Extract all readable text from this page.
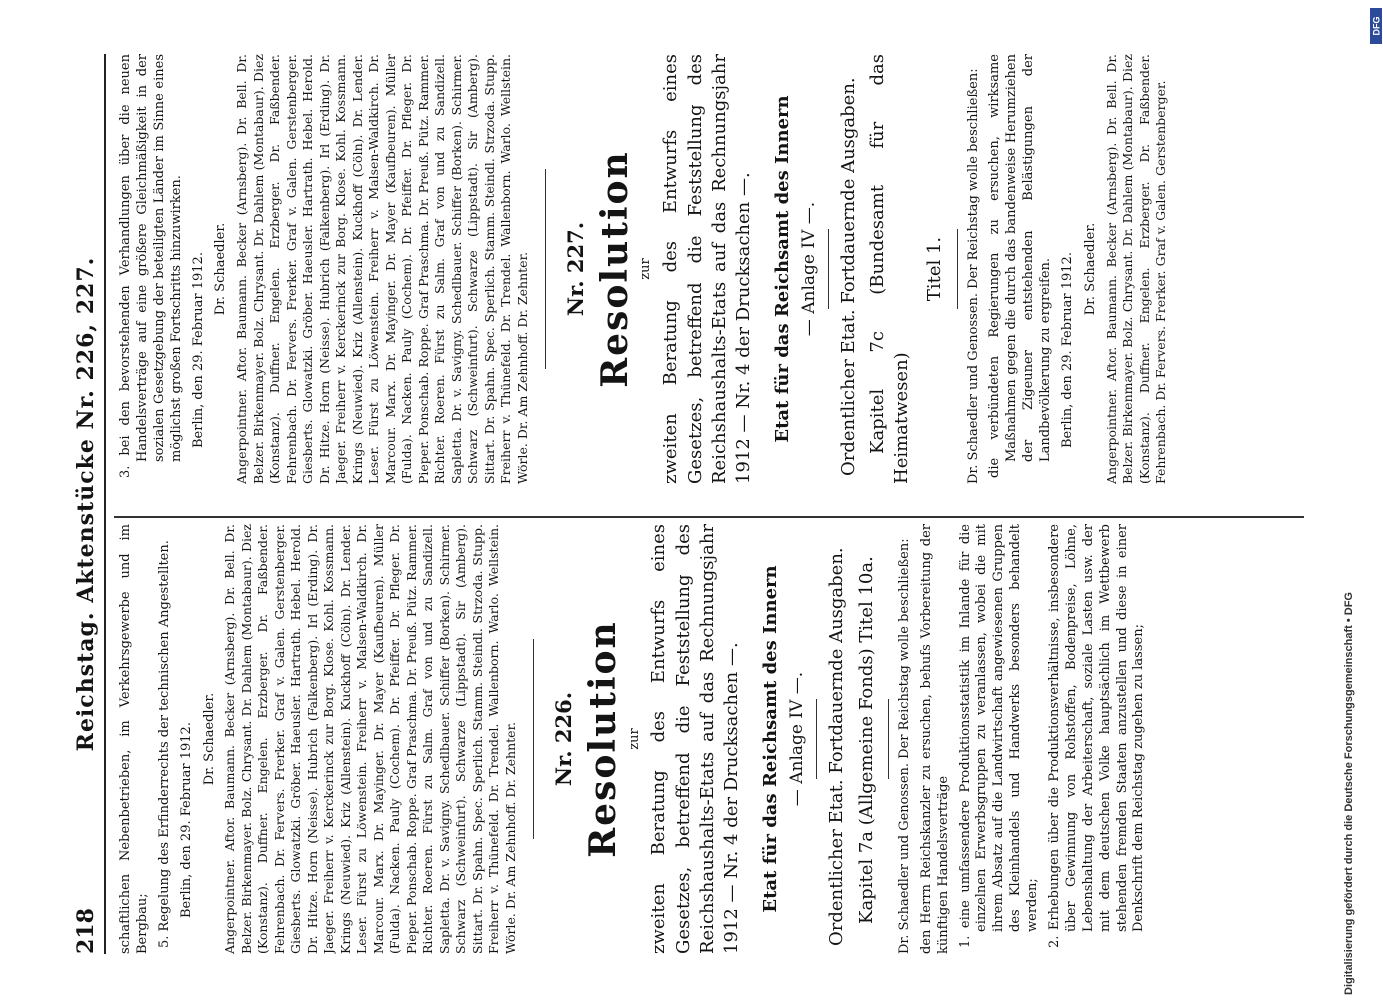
218
Reichstag. Aktenstücke Nr. 226, 227. schaftlichen Nebenbetrieben, im Verkehrsgewerbe und im Bergbau; 5. Regelung des Erfinderrechts der technischen Angestellten. Berlin, den 29. Februar 1912. Dr. Schaedler. Angerpointner. Aftor. Baumann. Becker (Arnsberg). Dr. Bell. Dr. Belzer. Birkenmayer. Bolz. Chrysant. Dr. Dahlem (Montabaur). Diez (Konstanz). Duffner. Engelen. Erzberger. Dr. Faßbender. Fehrenbach. Dr. Fervers. Frerker. Graf v. Galen. Gerstenberger. Giesberts. Glowatzki. Gröber. Haeusler. Hartrath. Hebel. Herold. Dr. Hitze. Horn (Neisse). Hubrich (Falkenberg). Irl (Erding). Dr. Jaeger. Freiherr v. Kerckerinck zur Borg. Klose. Kohl. Kossmann. Krings (Neuwied). Kriz (Allenstein). Kuckhoff (Cöln). Dr. Lender. Leser. Fürst zu Löwenstein. Freiherr v. Malsen-Waldkirch. Dr. Marcour. Marx. Dr. Mayinger. Dr. Mayer (Kaufbeuren). Müller (Fulda). Nacken. Pauly (Cochem). Dr. Pfeiffer. Dr. Pfleger. Dr. Pieper. Ponschab. Roppe. Graf Praschma. Dr. Preuß. Pütz. Rammer. Richter. Roeren. Fürst zu Salm. Graf von und zu Sandizell. Sapletta. Dr. v. Savigny. Schedlbauer. Schiffer (Borken). Schirmer. Schwarz (Schweinfurt). Schwarze (Lippstadt). Sir (Amberg). Sittart. Dr. Spahn. Spec. Sperlich. Stamm. Steindl. Strzoda. Stupp. Freiherr v. Thünefeld. Dr. Trendel. Wallenborn. Warlo. Wellstein. Wörle. Dr. Am Zehnhoff. Dr. Zehnter. Nr. 226. Resolution zur zweiten Beratung des Entwurfs eines Gesetzes, betreffend die Feststellung des Reichshaushalts-Etats auf das Rechnungsjahr 1912 — Nr. 4 der Drucksachen —. Etat für das Reichsamt des Innern — Anlage IV —. Ordentlicher Etat. Fortdauernde Ausgaben. Kapitel 7a (Allgemeine Fonds) Titel 10a. Dr. Schaedler und Genossen. Der Reichstag wolle beschließen: den Herrn Reichskanzler zu ersuchen, behufs Vorbereitung der künftigen Handelsverträge 1. eine umfassendere Produktionsstatistik im Inlande für die einzelnen Erwerbsgruppen zu veranlassen, wobei die mit ihrem Absatz auf die Landwirtschaft angewiesenen Gruppen des Kleinhandels und Handwerks besonders behandelt werden; 2. Erhebungen über die Produktionsverhältnisse, insbesondere über Gewinnung von Rohstoffen, Bodenpreise, Löhne, Lebenshaltung der Arbeiterschaft, soziale Lasten usw. der mit dem deutschen Volke hauptsächlich im Wettbewerb stehenden fremden Staaten anzustellen und diese in einer Denkschrift dem Reichstag zugehen zu lassen;

3. bei den bevorstehenden Verhandlungen über die neuen Handelsverträge auf eine größere Gleichmäßigkeit in der sozialen Gesetzgebung der beteiligten Länder im Sinne eines möglichst großen Fortschritts hinzuwirken. Berlin, den 29. Februar 1912. Dr. Schaedler. Angerpointner. Aftor. Baumann. Becker (Arnsberg). Dr. Bell. Dr. Belzer. Birkenmayer. Bolz. Chrysant. Dr. Dahlem (Montabaur). Diez (Konstanz). Duffner. Engelen. Erzberger. Dr. Faßbender. Fehrenbach. Dr. Fervers. Frerker. Graf v. Galen. Gerstenberger. Giesberts. Glowatzki. Gröber. Haeusler. Hartrath. Hebel. Herold. Dr. Hitze. Horn (Neisse). Hubrich (Falkenberg). Irl (Erding). Dr. Jaeger. Freiherr v. Kerckerinck zur Borg. Klose. Kohl. Kossmann. Krings (Neuwied). Kriz (Allenstein). Kuckhoff (Cöln). Dr. Lender. Leser. Fürst zu Löwenstein. Freiherr v. Malsen-Waldkirch. Dr. Marcour. Marx. Dr. Mayinger. Dr. Mayer (Kaufbeuren). Müller (Fulda). Nacken. Pauly (Cochem). Dr. Pfeiffer. Dr. Pfleger. Dr. Pieper. Ponschab. Roppe. Graf Praschma. Dr. Preuß. Pütz. Rammer. Richter. Roeren. Fürst zu Salm. Graf von und zu Sandizell. Sapletta. Dr. v. Savigny. Schedlbauer. Schiffer (Borken). Schirmer. Schwarz (Schweinfurt). Schwarze (Lippstadt). Sir (Amberg). Sittart. Dr. Spahn. Spec. Sperlich. Stamm. Steindl. Strzoda. Stupp. Freiherr v. Thünefeld. Dr. Trendel. Wallenborn. Warlo. Wellstein. Wörle. Dr. Am Zehnhoff. Dr. Zehnter. Nr. 227. Resolution zur zweiten Beratung des Entwurfs eines Gesetzes, betreffend die Feststellung des Reichshaushalts-Etats auf das Rechnungsjahr 1912 — Nr. 4 der Drucksachen —. Etat für das Reichsamt des Innern — Anlage IV —. Ordentlicher Etat. Fortdauernde Ausgaben. Kapitel 7c (Bundesamt für das Heimatwesen)

Titel 1. Dr. Schaedler und Genossen. Der Reichstag wolle beschließen: die verbündeten Regierungen zu ersuchen, wirksame Maßnahmen gegen die durch das bandenweise Herumziehen der Zigeuner entstehenden Belästigungen der Landbevölkerung zu ergreifen. Berlin, den 29. Februar 1912. Dr. Schaedler. Angerpointner. Aftor. Baumann. Becker (Arnsberg). Dr. Bell. Dr. Belzer. Birkenmayer. Bolz. Chrysant. Dr. Dahlem (Montabaur). Diez (Konstanz). Duffner. Engelen. Erzberger. Dr. Faßbender. Fehrenbach. Dr. Fervers. Frerker. Graf v. Galen. Gerstenberger.

Digitalisierung gefördert durch die Deutsche Forschungsgemeinschaft • DFG
DFG
